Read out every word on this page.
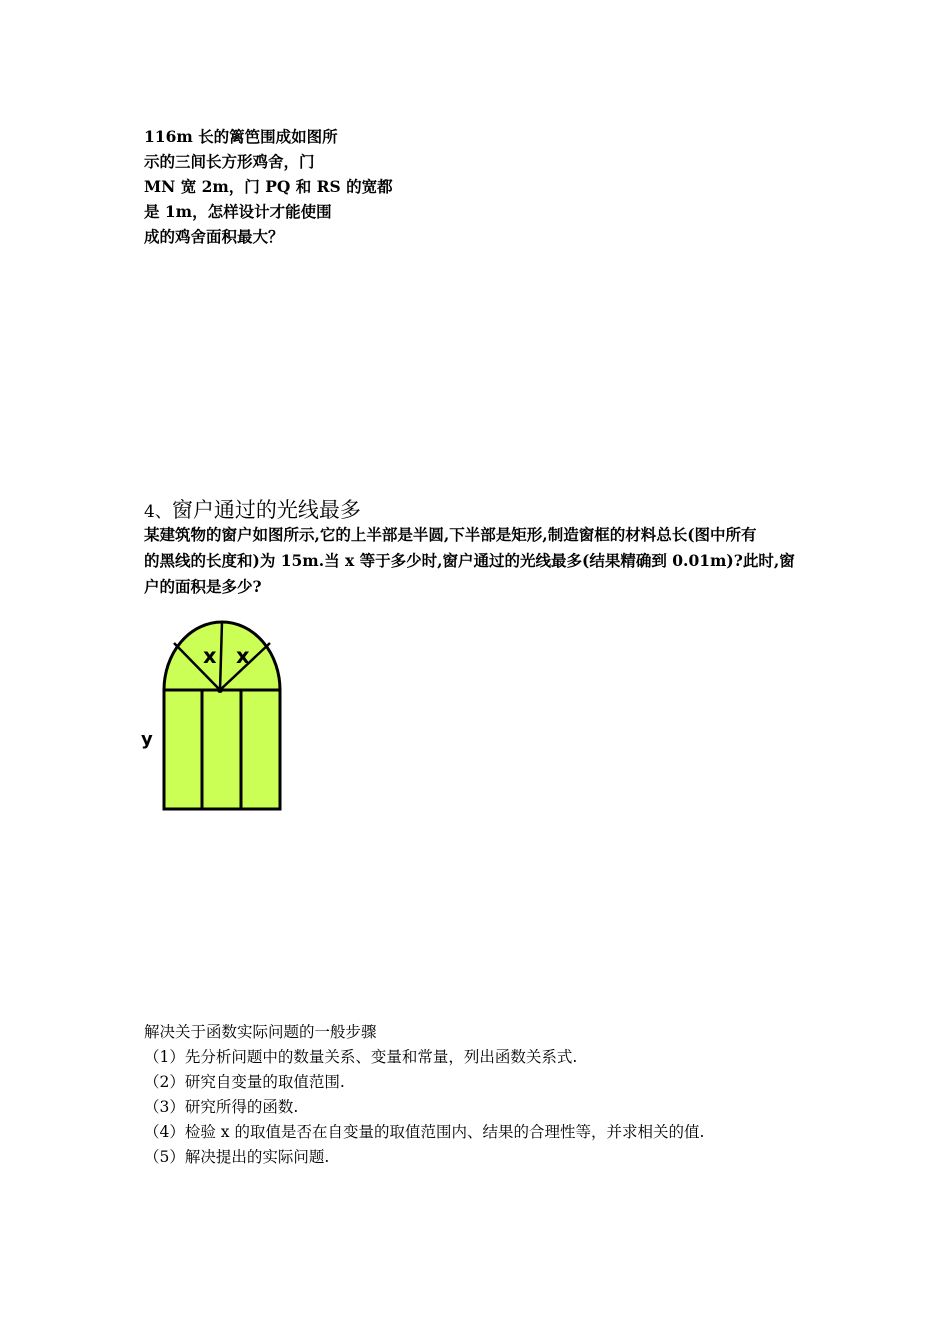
116m 长的篱笆围成如图所
示的三间长方形鸡舍，门
MN 宽 2m，门 PQ 和 RS 的宽都
是 1m，怎样设计才能使围
成的鸡舍面积最大？
4、窗户通过的光线最多
某建筑物的窗户如图所示,它的上半部是半圆,下半部是矩形,制造窗框的材料总长(图中所有
的黑线的长度和)为 15m.当 x 等于多少时,窗户通过的光线最多(结果精确到 0.01m)?此时,窗
户的面积是多少?
x x
y
解决关于函数实际问题的一般步骤
（1）先分析问题中的数量关系、变量和常量，列出函数关系式.
（2）研究自变量的取值范围.
（3）研究所得的函数.
（4）检验 x 的取值是否在自变量的取值范围内、结果的合理性等，并求相关的值.
（5）解决提出的实际问题.
